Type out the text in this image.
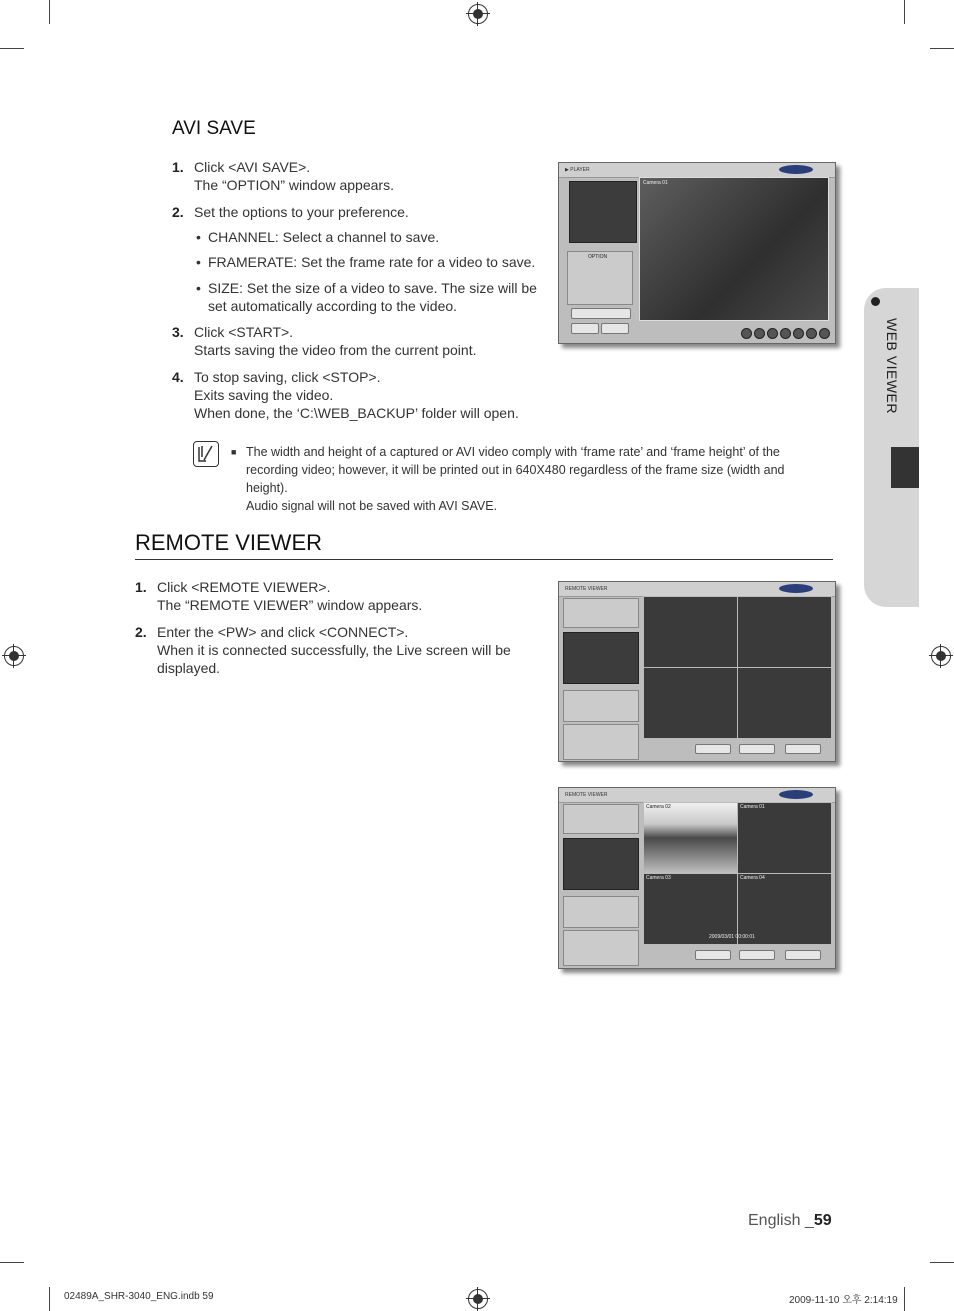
AVI SAVE
1. Click <AVI SAVE>.
The “OPTION” window appears.
2. Set the options to your preference.
• CHANNEL: Select a channel to save.
• FRAMERATE: Set the frame rate for a video to save.
• SIZE: Set the size of a video to save. The size will be set automatically according to the video.
3. Click <START>.
Starts saving the video from the current point.
4. To stop saving, click <STOP>.
Exits saving the video.
When done, the ‘C:\WEB_BACKUP’ folder will open.
■ The width and height of a captured or AVI video comply with ‘frame rate’ and ‘frame height’ of the recording video; however, it will be printed out in 640X480 regardless of the frame size (width and height).
Audio signal will not be saved with AVI SAVE.
▶ PLAYER
OPTION
Camera 01
REMOTE VIEWER
1. Click <REMOTE VIEWER>.
The “REMOTE VIEWER” window appears.
2. Enter the <PW> and click <CONNECT>.
When it is connected successfully, the Live screen will be displayed.
REMOTE VIEWER
REMOTE VIEWER
Camera 02	Camera 01
Camera 03	Camera 04
2009/03/01 00:00:01
WEB VIEWER
English _59
02489A_SHR-3040_ENG.indb 59	2009-11-10 오후 2:14:19
